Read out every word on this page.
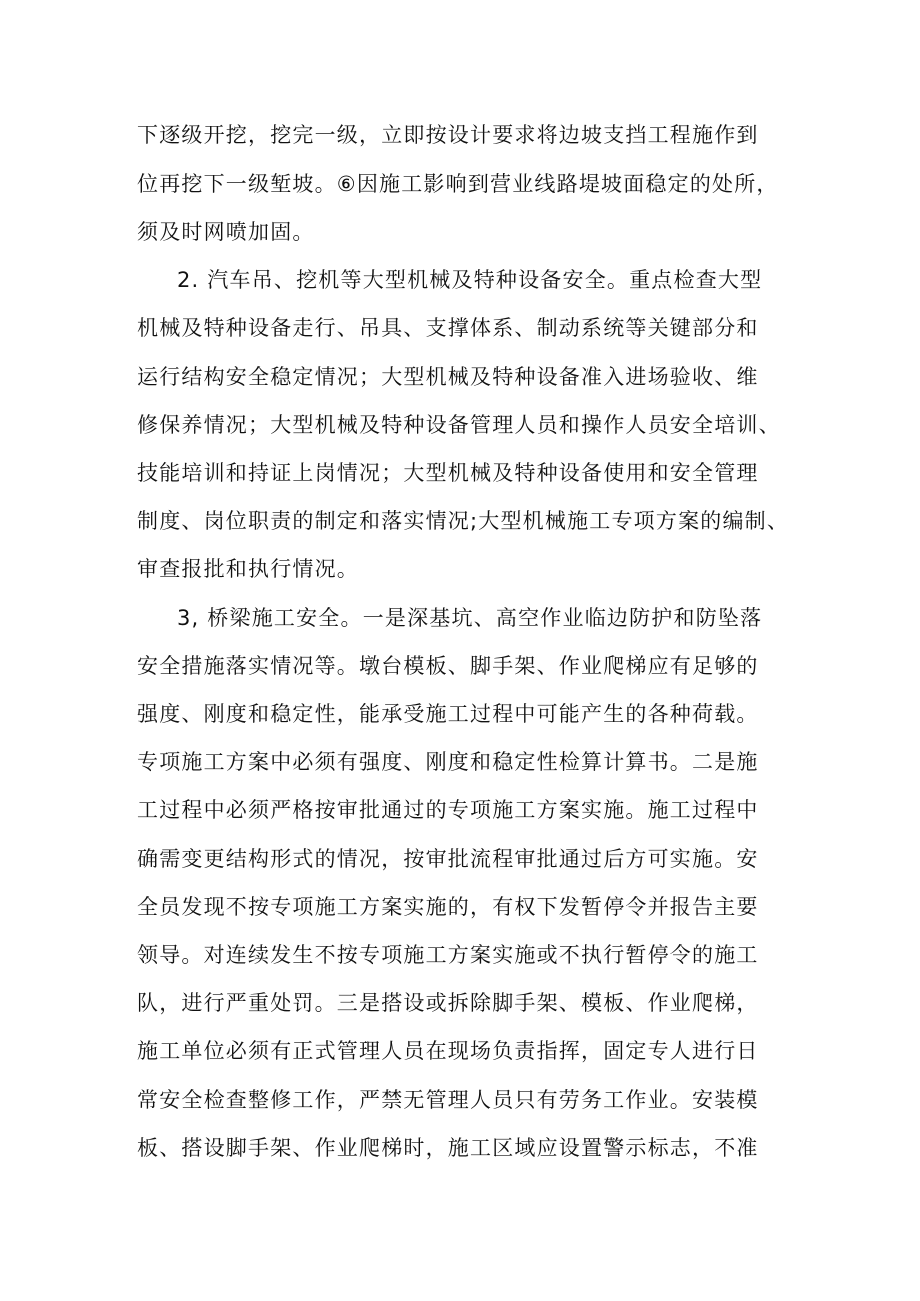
下逐级开挖，挖完一级，立即按设计要求将边坡支挡工程施作到
位再挖下一级堑坡。⑥因施工影响到营业线路堤坡面稳定的处所，
须及时网喷加固。
2. 汽车吊、挖机等大型机械及特种设备安全。重点检查大型
机械及特种设备走行、吊具、支撑体系、制动系统等关键部分和
运行结构安全稳定情况；大型机械及特种设备准入进场验收、维
修保养情况；大型机械及特种设备管理人员和操作人员安全培训、
技能培训和持证上岗情况；大型机械及特种设备使用和安全管理
制度、岗位职责的制定和落实情况;大型机械施工专项方案的编制、
审查报批和执行情况。
3, 桥梁施工安全。一是深基坑、高空作业临边防护和防坠落
安全措施落实情况等。墩台模板、脚手架、作业爬梯应有足够的
强度、刚度和稳定性，能承受施工过程中可能产生的各种荷载。
专项施工方案中必须有强度、刚度和稳定性检算计算书。二是施
工过程中必须严格按审批通过的专项施工方案实施。施工过程中
确需变更结构形式的情况，按审批流程审批通过后方可实施。安
全员发现不按专项施工方案实施的，有权下发暂停令并报告主要
领导。对连续发生不按专项施工方案实施或不执行暂停令的施工
队，进行严重处罚。三是搭设或拆除脚手架、模板、作业爬梯，
施工单位必须有正式管理人员在现场负责指挥，固定专人进行日
常安全检查整修工作，严禁无管理人员只有劳务工作业。安装模
板、搭设脚手架、作业爬梯时，施工区域应设置警示标志，不准
